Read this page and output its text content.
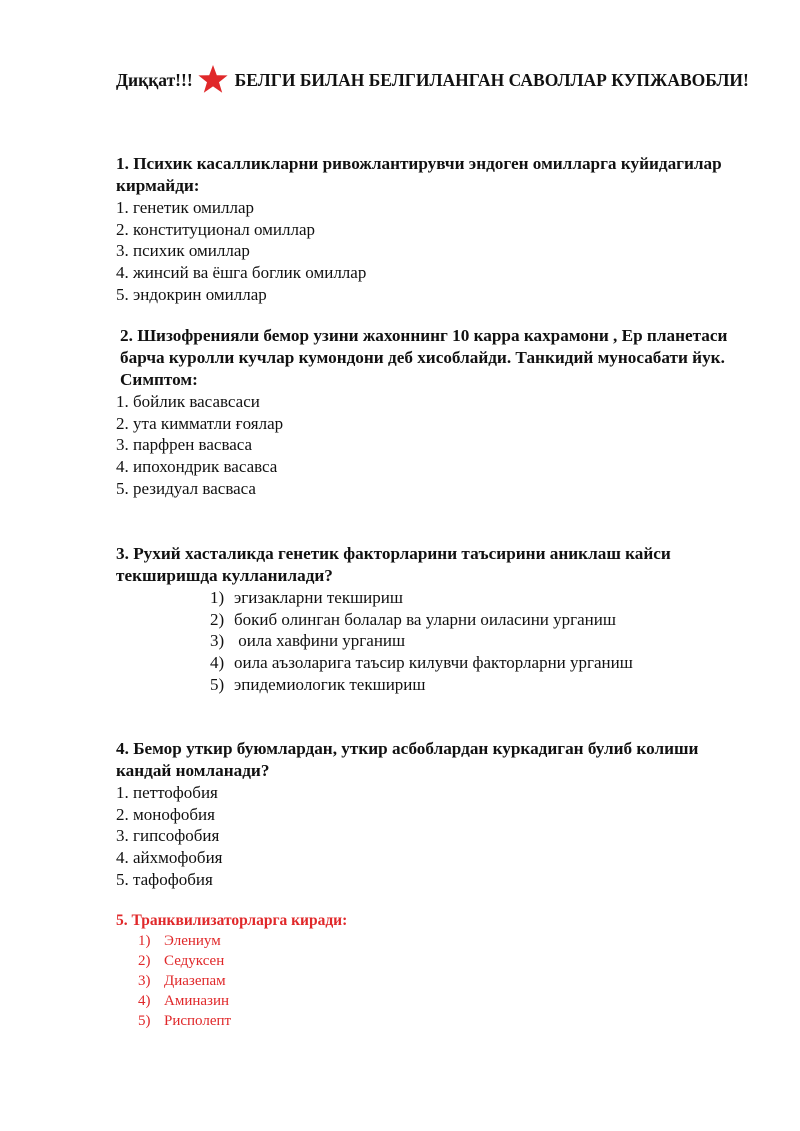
Диққат!!! БЕЛГИ БИЛАН БЕЛГИЛАНГАН САВОЛЛАР КУПЖАВОБЛИ!
1. Психик касалликларни ривожлантирувчи эндоген омилларга куйидагилар кирмайди:
1. генетик омиллар
2. конституционал омиллар
3. психик омиллар
4. жинсий ва ёшга боглик омиллар
5. эндокрин омиллар
2. Шизофренияли бемор узини жахоннинг 10 карра кахрамони , Ер планетаси барча куролли кучлар кумондони деб хисоблайди. Танкидий муносабати йук. Симптом:
1. бойлик васавсаси
2. ута кимматли ғоялар
3. парфрен васваса
4. ипохондрик васавса
5. резидуал васваса
3. Рухий хасталикда генетик факторларини таъсирини аниклаш кайси текширишда кулланилади?
1) эгизакларни текшириш
2) бокиб олинган болалар ва уларни оиласини урганиш
3) оила хавфини урганиш
4) оила аъзоларига таъсир килувчи факторларни урганиш
5) эпидемиологик текшириш
4. Бемор уткир буюмлардан, уткир асбоблардан куркадиган булиб колиши кандай номланади?
1. петтофобия
2. монофобия
3. гипсофобия
4. айхмофобия
5. тафофобия
5. Транквилизаторларга киради:
1) Элениум
2) Седуксен
3) Диазепам
4) Аминазин
5) Рисполепт
